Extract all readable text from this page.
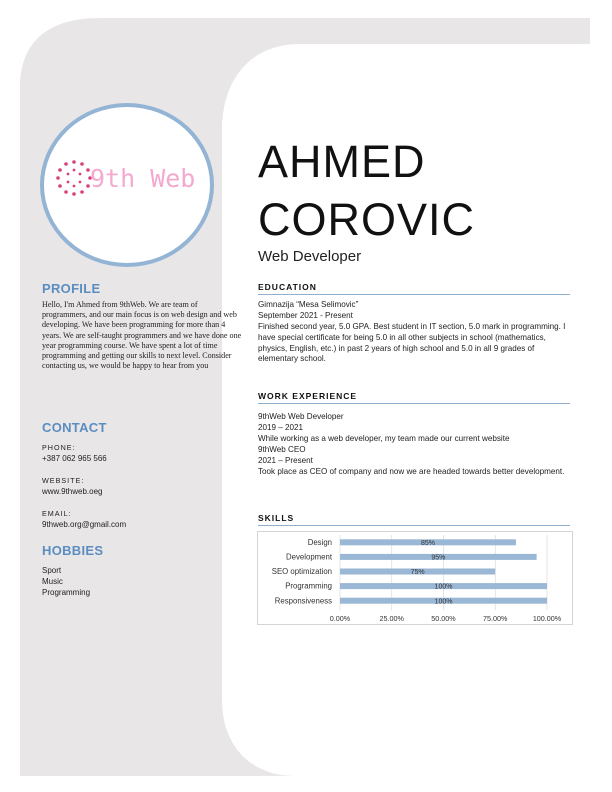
9th Web
PROFILE
Hello, I'm Ahmed from 9thWeb. We are team of programmers, and our main focus is on web design and web developing. We have been programming for more than 4 years. We are self-taught programmers and we have done one year programming course. We have spent a lot of time programming and getting our skills to next level. Consider contacting us, we would be happy to hear from you
CONTACT
PHONE:
+387 062 965 566
WEBSITE:
www.9thweb.oeg
EMAIL:
9thweb.org@gmail.com
HOBBIES
Sport
Music
Programming
AHMED
COROVIC
Web Developer
EDUCATION
Gimnazija “Mesa Selimovic”
September 2021 - Present
Finished second year, 5.0 GPA. Best student in IT section, 5.0 mark in programming. I have special certificate for being 5.0 in all other subjects in school (mathematics, physics, English, etc.) in past 2 years of high school and 5.0 in all 9 grades of elementary school.
WORK EXPERIENCE
9thWeb Web Developer
2019 – 2021
While working as a web developer, my team made our current website
9thWeb CEO
2021 – Present
Took place as CEO of company and now we are headed towards better development.
SKILLS
0.00%	25.00%	50.00%	75.00%	100.00%
Design	85%
Development	95%
SEO optimization	75%
Programming	100%
Responsiveness	100%
